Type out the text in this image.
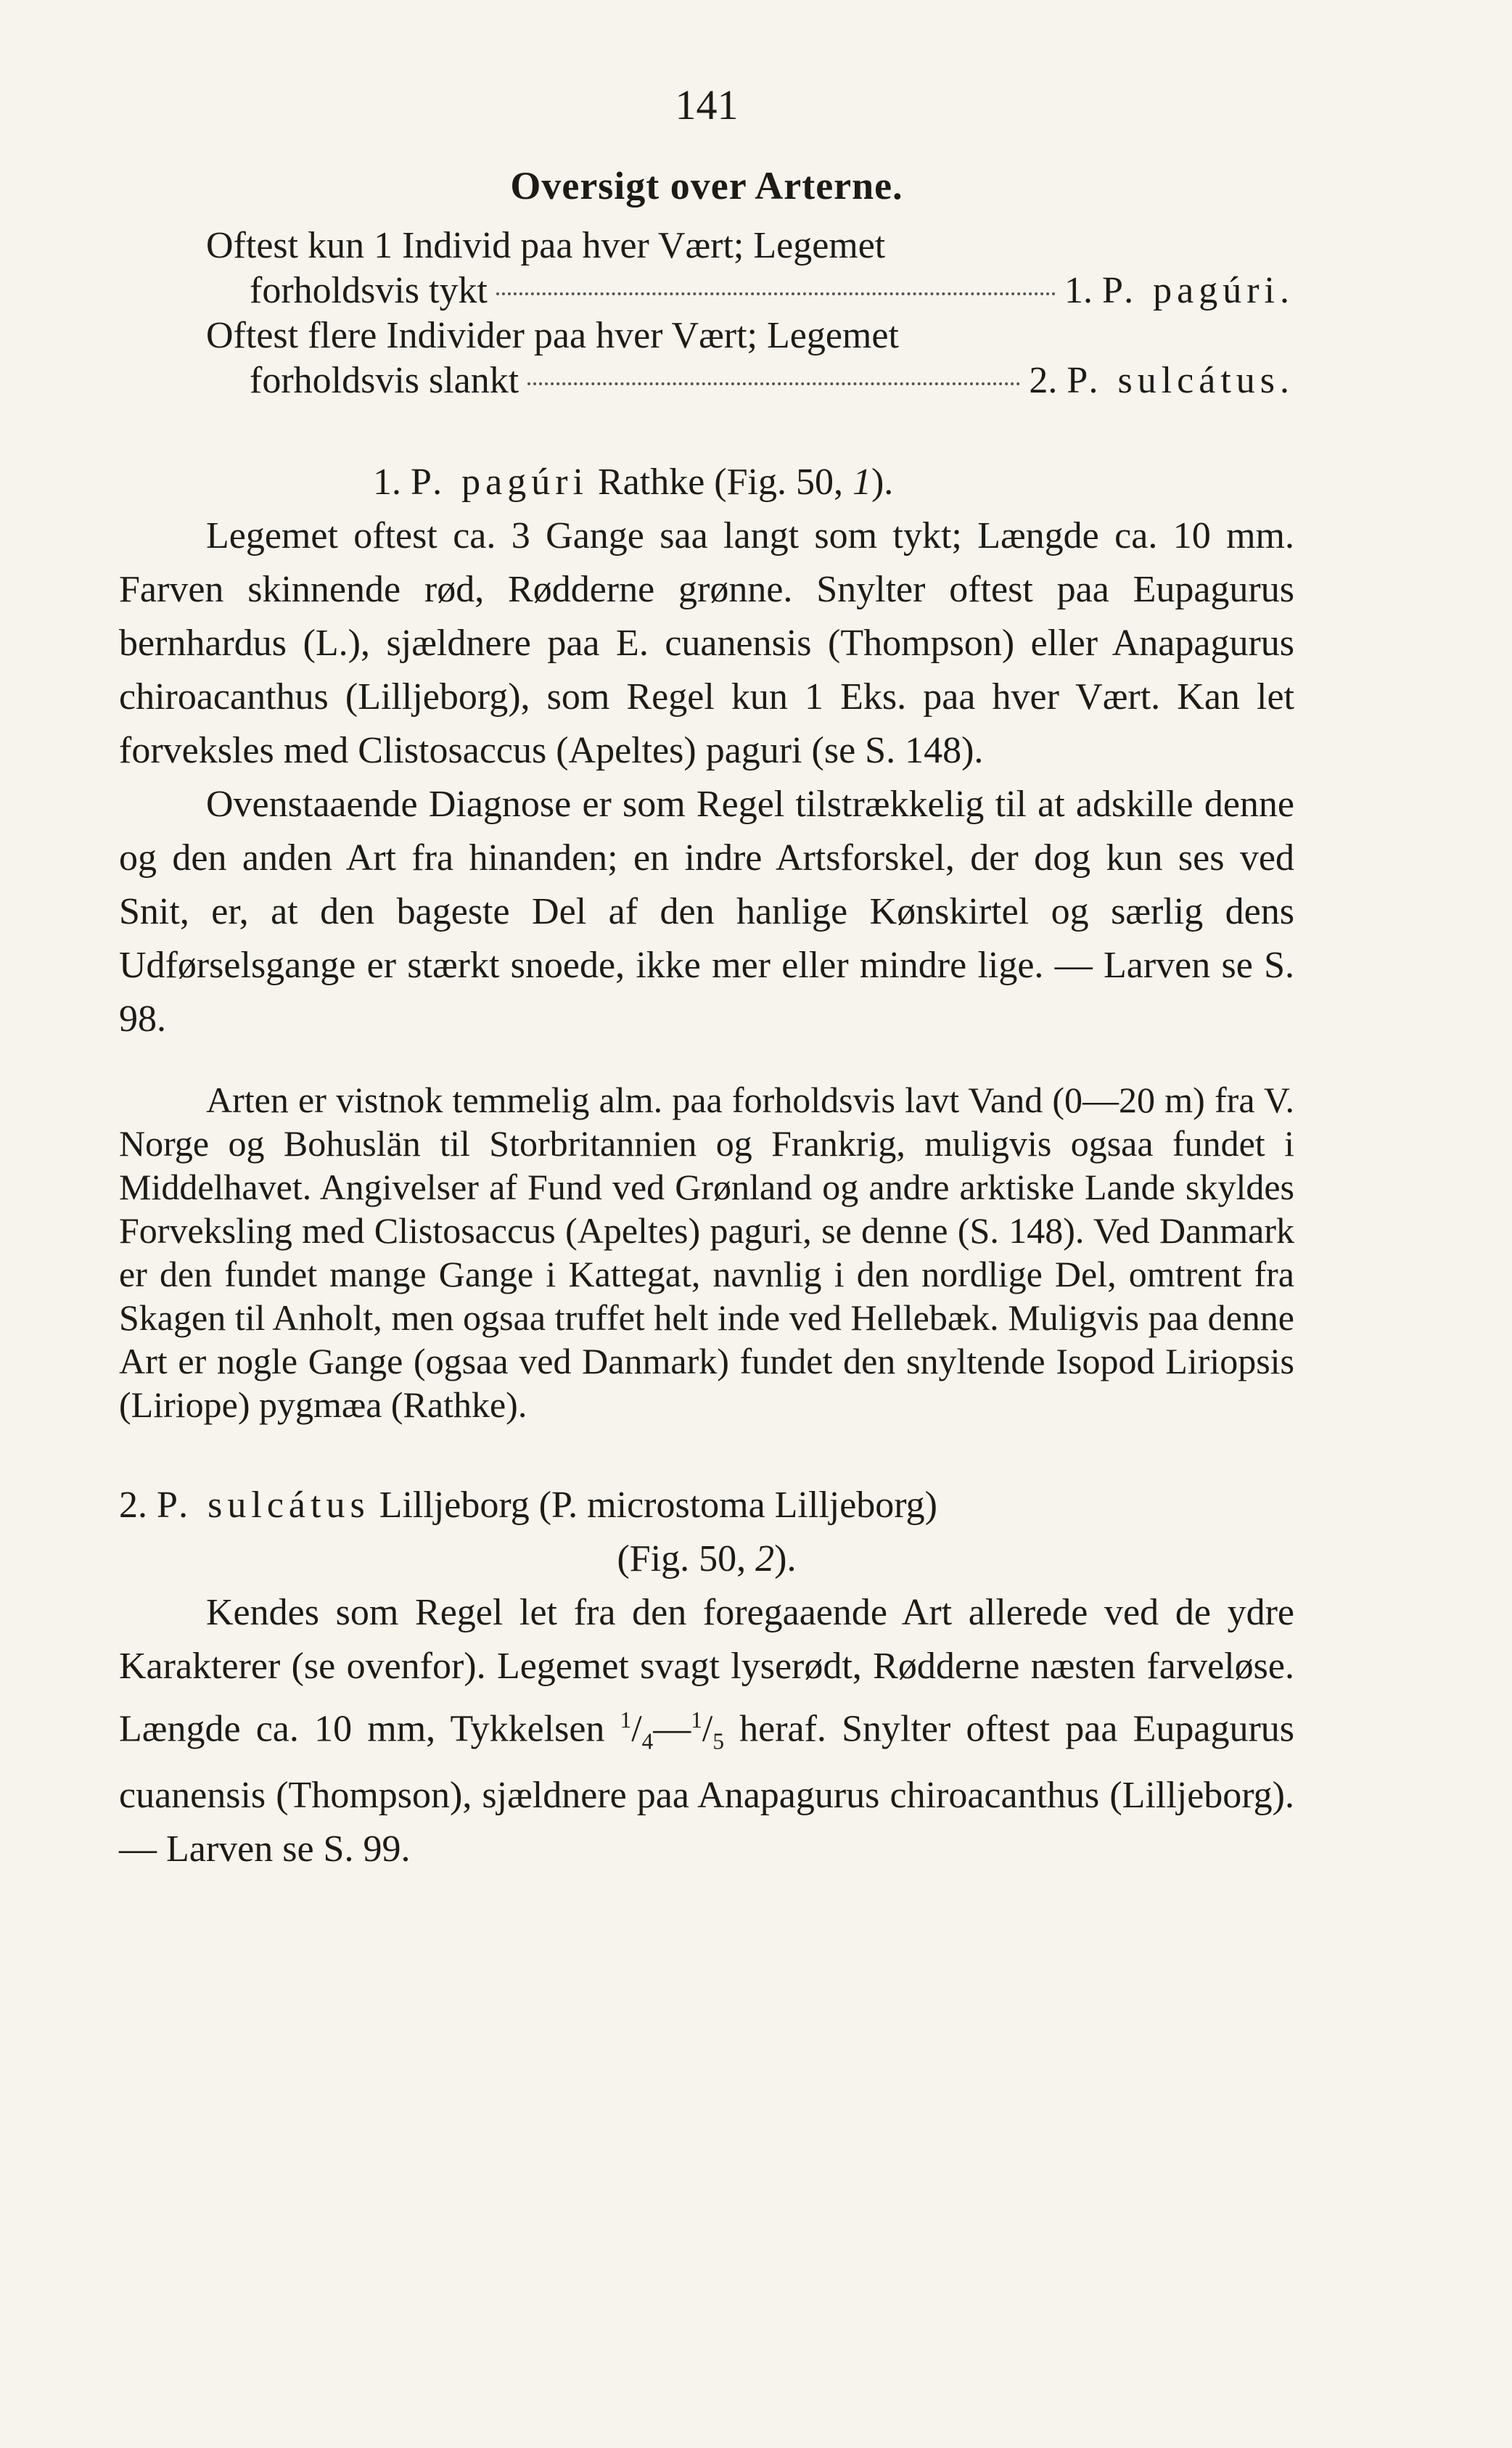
141
Oversigt over Arterne.
Oftest kun 1 Individ paa hver Vært; Legemet
forholdsvis tykt	1. P. pagúri.
Oftest flere Individer paa hver Vært; Legemet
forholdsvis slankt	2. P. sulcátus.
1. P. pagúri Rathke (Fig. 50, 1).
Legemet oftest ca. 3 Gange saa langt som tykt; Længde ca. 10 mm. Farven skinnende rød, Rødderne grønne. Snylter oftest paa Eupagurus bernhardus (L.), sjældnere paa E. cuanensis (Thompson) eller Anapagurus chiroacanthus (Lilljeborg), som Regel kun 1 Eks. paa hver Vært. Kan let forveksles med Clistosaccus (Apeltes) paguri (se S. 148).
Ovenstaaende Diagnose er som Regel tilstrækkelig til at adskille denne og den anden Art fra hinanden; en indre Artsforskel, der dog kun ses ved Snit, er, at den bageste Del af den hanlige Kønskirtel og særlig dens Udførselsgange er stærkt snoede, ikke mer eller mindre lige. — Larven se S. 98.
Arten er vistnok temmelig alm. paa forholdsvis lavt Vand (0—20 m) fra V. Norge og Bohuslän til Storbritannien og Frankrig, muligvis ogsaa fundet i Middelhavet. Angivelser af Fund ved Grønland og andre arktiske Lande skyldes Forveksling med Clistosaccus (Apeltes) paguri, se denne (S. 148). Ved Danmark er den fundet mange Gange i Kattegat, navnlig i den nordlige Del, omtrent fra Skagen til Anholt, men ogsaa truffet helt inde ved Hellebæk. Muligvis paa denne Art er nogle Gange (ogsaa ved Danmark) fundet den snyltende Isopod Liriopsis (Liriope) pygmæa (Rathke).
2. P. sulcátus Lilljeborg (P. microstoma Lilljeborg)
(Fig. 50, 2).
Kendes som Regel let fra den foregaaende Art allerede ved de ydre Karakterer (se ovenfor). Legemet svagt lyserødt, Rødderne næsten farveløse. Længde ca. 10 mm, Tykkelsen $^1/_4—^1/_5$ heraf. Snylter oftest paa Eupagurus cuanensis (Thompson), sjældnere paa Anapagurus chiroacanthus (Lilljeborg). — Larven se S. 99.
